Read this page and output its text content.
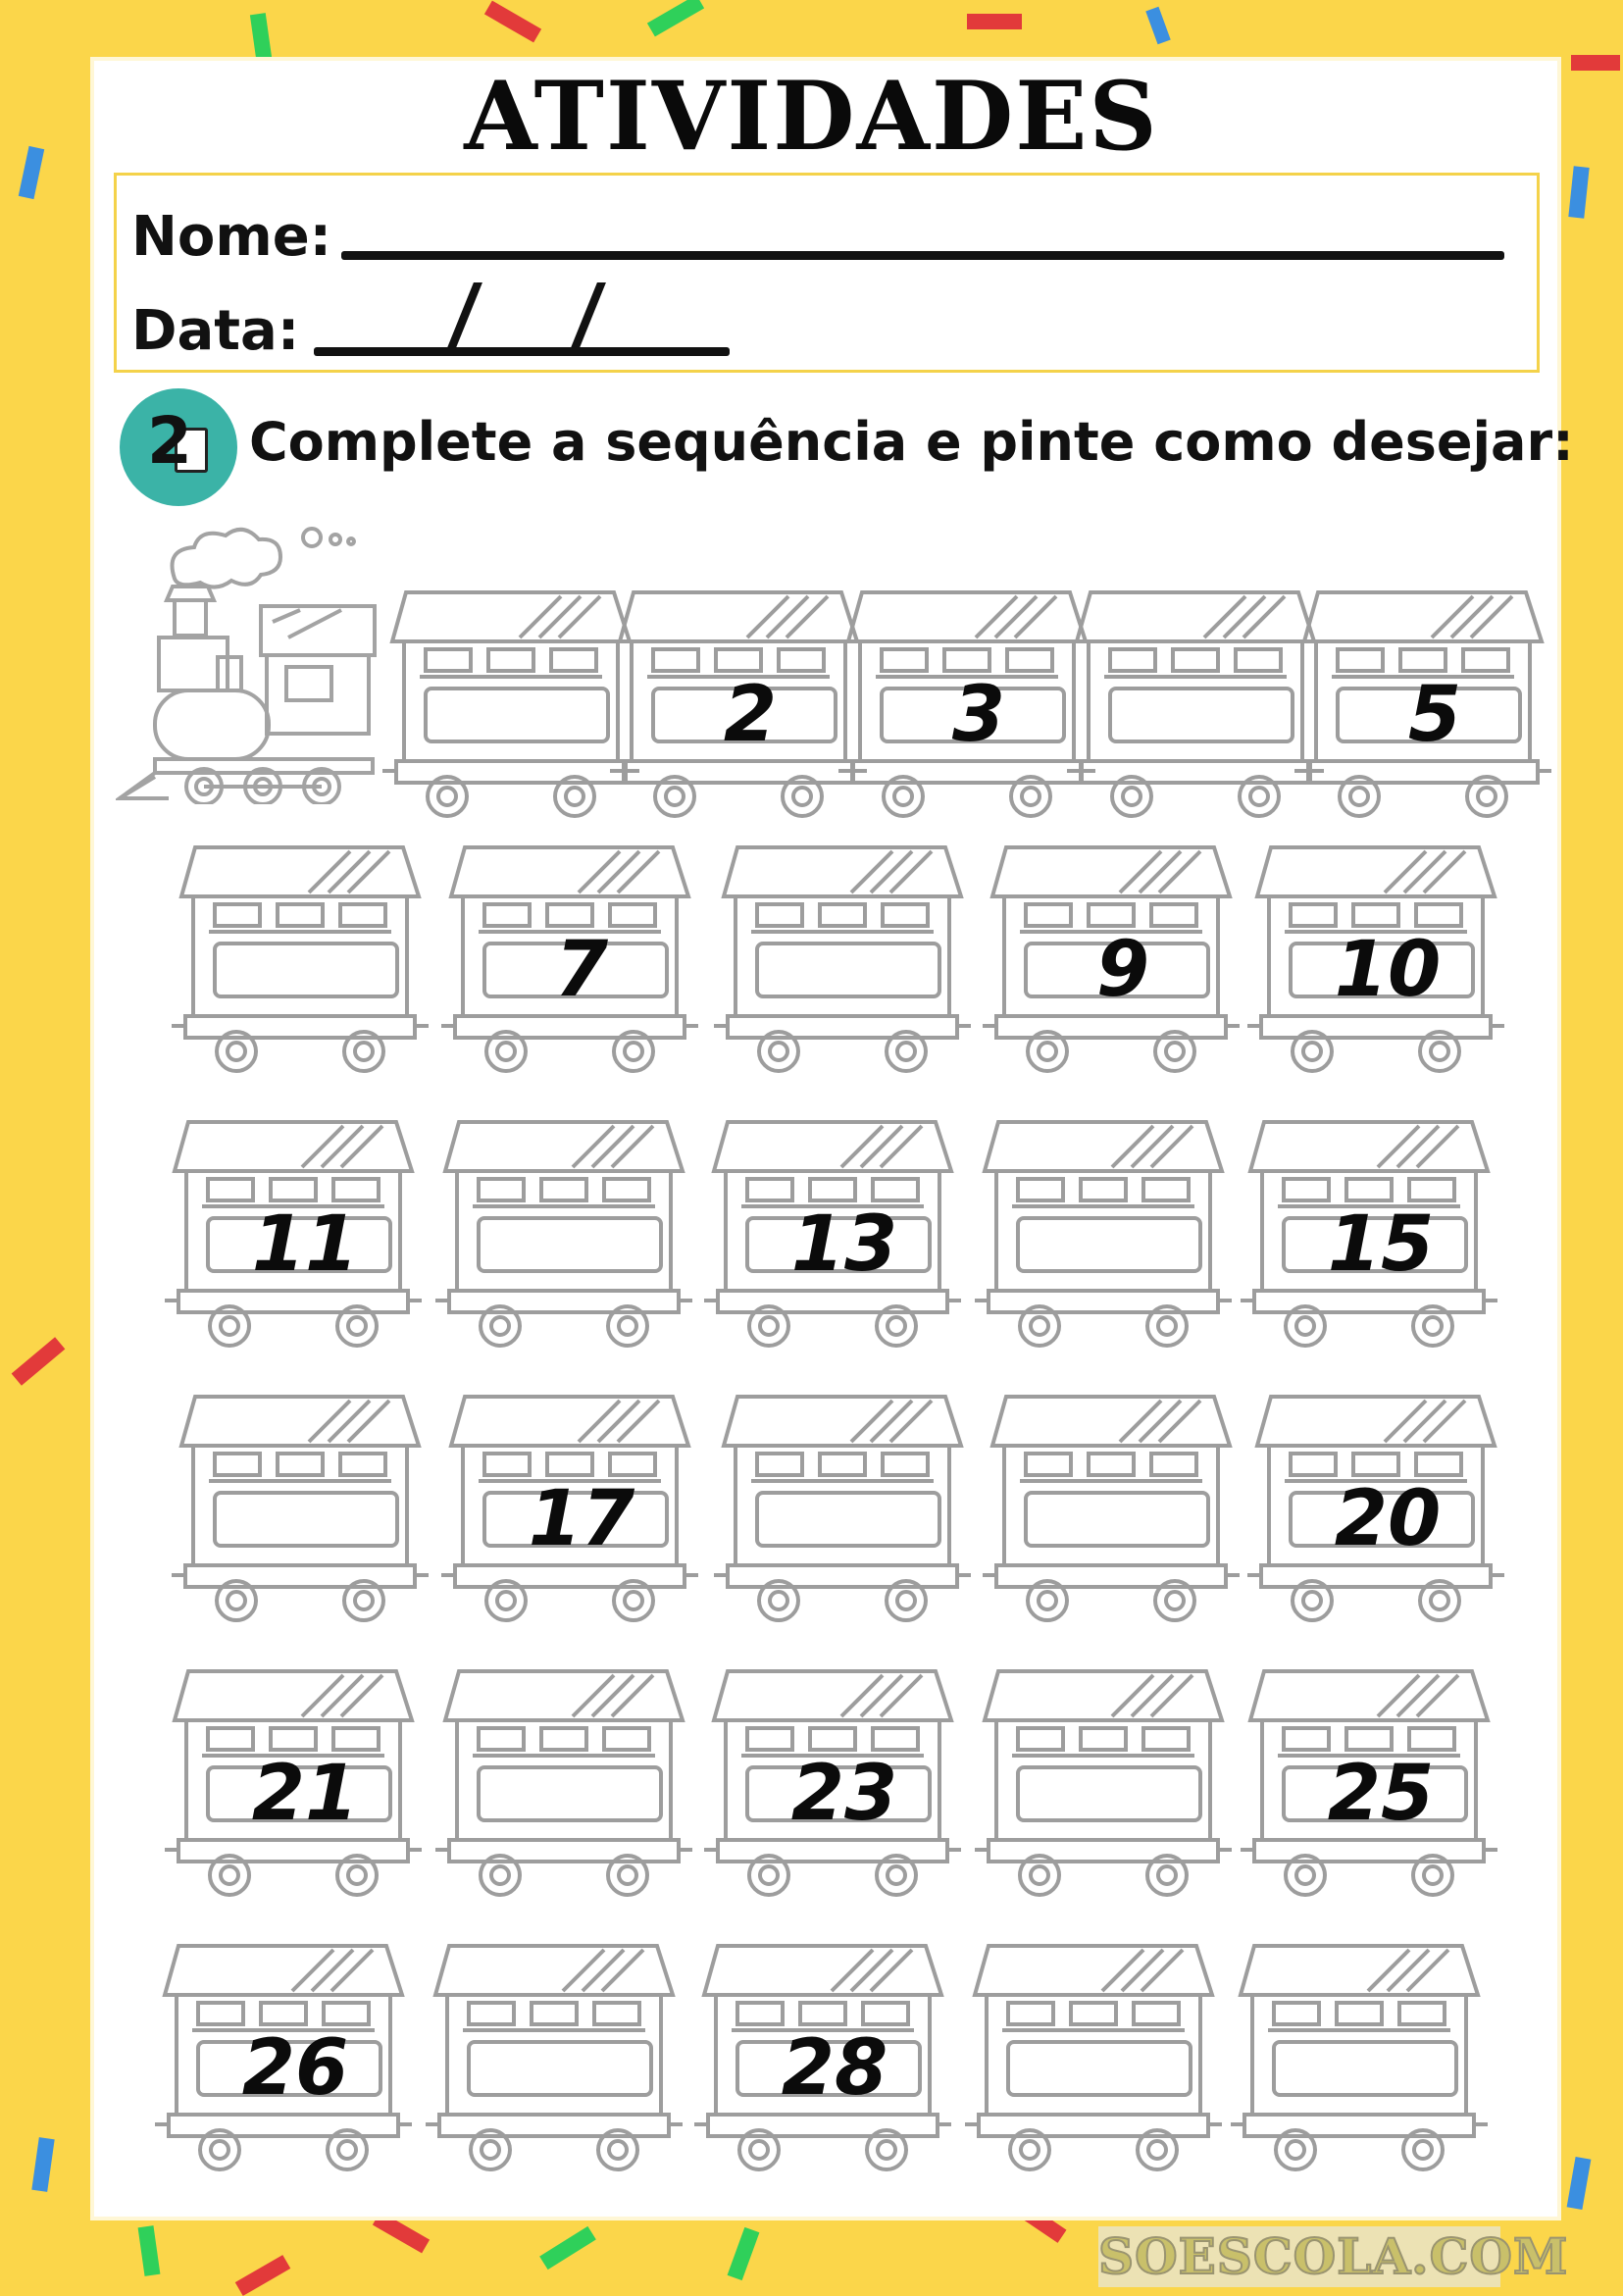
ATIVIDADES
Nome:
Data:
2 Complete a sequência e pinte como desejar:
2	3	5
7	9	10
11	13	15
17	20
21	23	25
26	28
SOESCOLA.COM
